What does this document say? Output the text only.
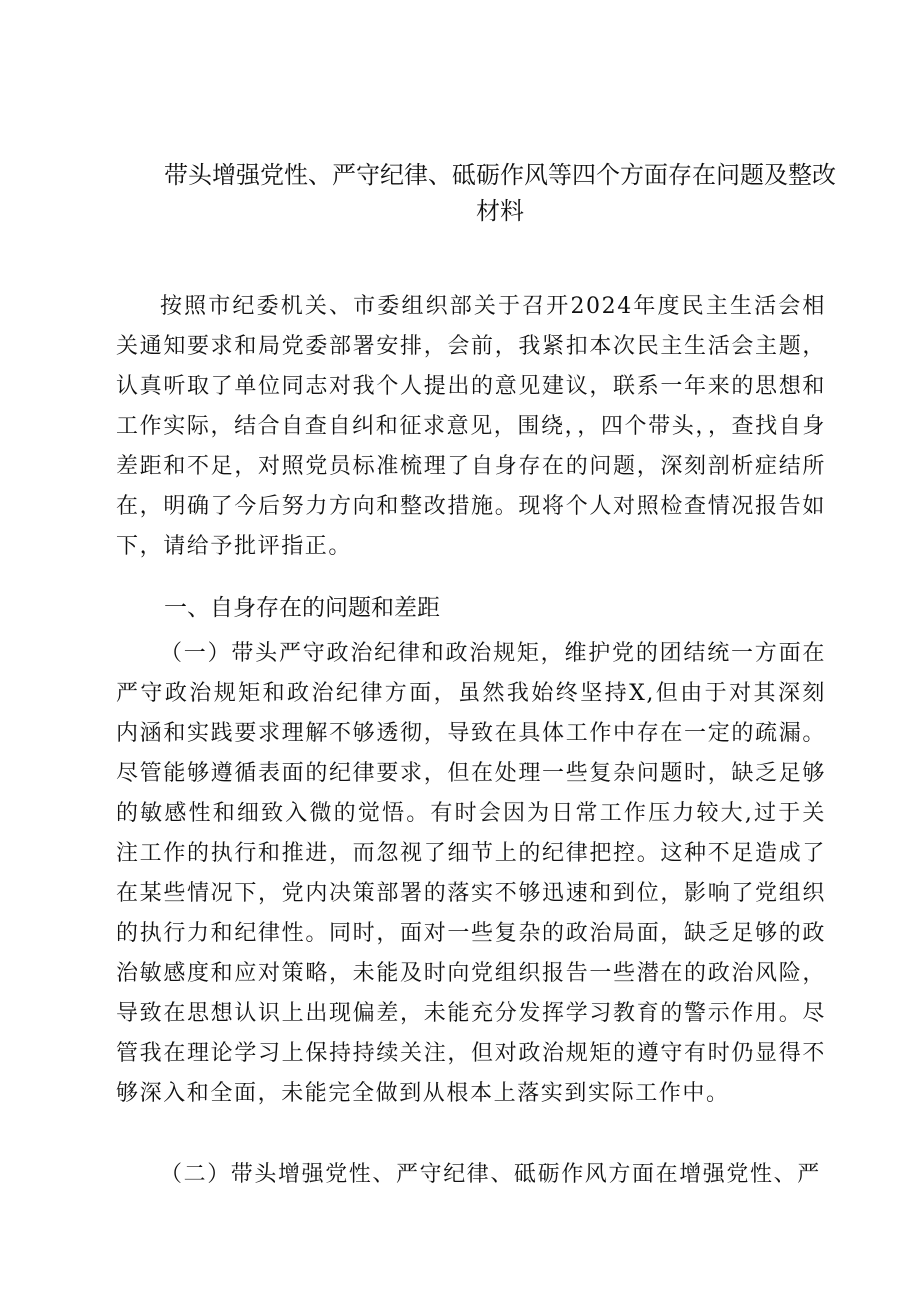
带头增强党性、严守纪律、砥砺作风等四个方面存在问题及整改材料

按照市纪委机关、市委组织部关于召开2024年度民主生活会相关通知要求和局党委部署安排，会前，我紧扣本次民主生活会主题，认真听取了单位同志对我个人提出的意见建议，联系一年来的思想和工作实际，结合自查自纠和征求意见，围绕，，四个带头，，查找自身差距和不足，对照党员标准梳理了自身存在的问题，深刻剖析症结所在，明确了今后努力方向和整改措施。现将个人对照检查情况报告如下，请给予批评指正。

一、自身存在的问题和差距

（一）带头严守政治纪律和政治规矩，维护党的团结统一方面在严守政治规矩和政治纪律方面，虽然我始终坚持X,但由于对其深刻内涵和实践要求理解不够透彻，导致在具体工作中存在一定的疏漏。尽管能够遵循表面的纪律要求，但在处理一些复杂问题时，缺乏足够的敏感性和细致入微的觉悟。有时会因为日常工作压力较大,过于关注工作的执行和推进，而忽视了细节上的纪律把控。这种不足造成了在某些情况下，党内决策部署的落实不够迅速和到位，影响了党组织的执行力和纪律性。同时，面对一些复杂的政治局面，缺乏足够的政治敏感度和应对策略，未能及时向党组织报告一些潜在的政治风险，导致在思想认识上出现偏差，未能充分发挥学习教育的警示作用。尽管我在理论学习上保持持续关注，但对政治规矩的遵守有时仍显得不够深入和全面，未能完全做到从根本上落实到实际工作中。

（二）带头增强党性、严守纪律、砥砺作风方面在增强党性、严
